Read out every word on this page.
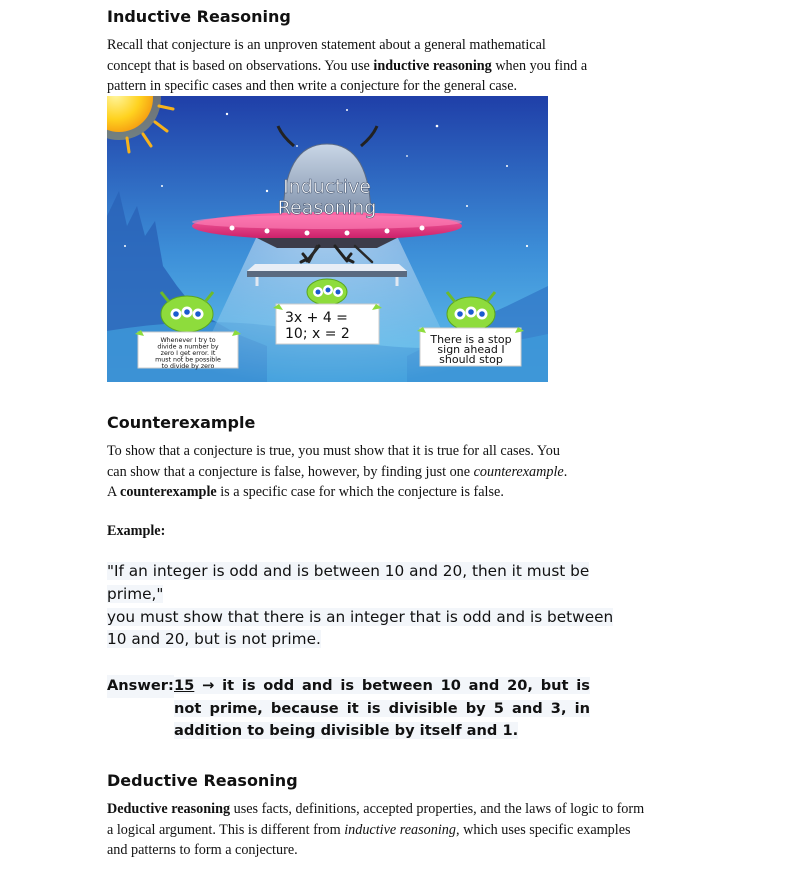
Inductive Reasoning

Recall that conjecture is an unproven statement about a general mathematical
concept that is based on observations. You use inductive reasoning when you find a
pattern in specific cases and then write a conjecture for the general case.

Inductive
Reasoning
3x + 4 =
10; x = 2
Whenever I try to
divide a number by
zero I get error. It
must not be possible
to divide by zero
There is a stop
sign ahead I
should stop
Counterexample

To show that a conjecture is true, you must show that it is true for all cases. You
can show that a conjecture is false, however, by finding just one counterexample.
A counterexample is a specific case for which the conjecture is false.

Example:

"If an integer is odd and is between 10 and 20, then it must be
prime,"
you must show that there is an integer that is odd and is between
10 and 20, but is not prime.

Answer: 15 → it is odd and is between 10 and 20, but is not prime, because it is divisible by 5 and 3, in addition to being divisible by itself and 1.
Deductive Reasoning

Deductive reasoning uses facts, definitions, accepted properties, and the laws of logic to form
a logical argument. This is different from inductive reasoning, which uses specific examples
and patterns to form a conjecture.
